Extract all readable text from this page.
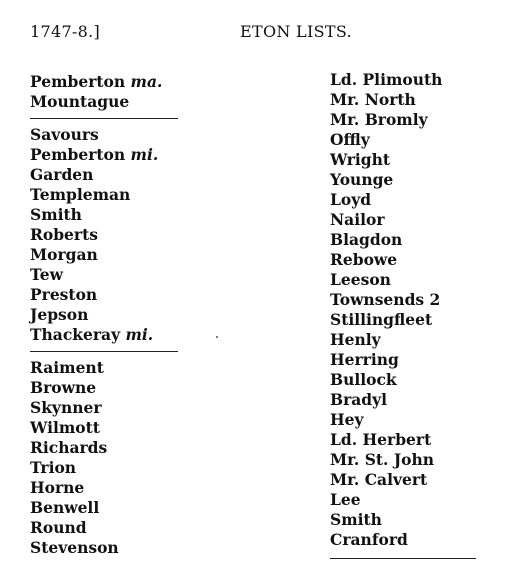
1747-8.]	ETON LISTS.
Pemberton ma.
Mountague
Savours
Pemberton mi.
Garden
Templeman
Smith
Roberts
Morgan
Tew
Preston
Jepson
Thackeray mi.
Raiment
Browne
Skynner
Wilmott
Richards
Trion
Horne
Benwell
Round
Stevenson
Ld. Plimouth
Mr. North
Mr. Bromly
Offly
Wright
Younge
Loyd
Nailor
Blagdon
Rebowe
Leeson
Townsends 2
Stillingfleet
Henly
Herring
Bullock
Bradyl
Hey
Ld. Herbert
Mr. St. John
Mr. Calvert
Lee
Smith
Cranford
